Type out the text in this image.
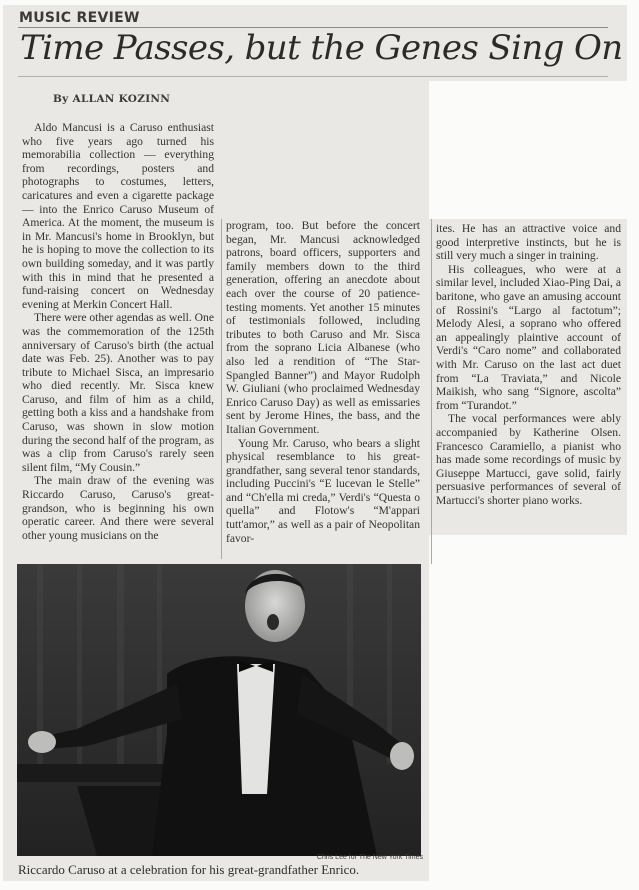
MUSIC REVIEW
Time Passes, but the Genes Sing On
By ALLAN KOZINN

Aldo Mancusi is a Caruso enthusiast who five years ago turned his memorabilia collection — everything from recordings, posters and photographs to costumes, letters, caricatures and even a cigarette package — into the Enrico Caruso Museum of America. At the moment, the museum is in Mr. Mancusi's home in Brooklyn, but he is hoping to move the collection to its own building someday, and it was partly with this in mind that he presented a fund-raising concert on Wednesday evening at Merkin Concert Hall.

There were other agendas as well. One was the commemoration of the 125th anniversary of Caruso's birth (the actual date was Feb. 25). Another was to pay tribute to Michael Sisca, an impresario who died recently. Mr. Sisca knew Caruso, and film of him as a child, getting both a kiss and a handshake from Caruso, was shown in slow motion during the second half of the program, as was a clip from Caruso's rarely seen silent film, “My Cousin.”

The main draw of the evening was Riccardo Caruso, Caruso's great-grandson, who is beginning his own operatic career. And there were several other young musicians on the

program, too. But before the concert began, Mr. Mancusi acknowledged patrons, board officers, supporters and family members down to the third generation, offering an anecdote about each over the course of 20 patience-testing moments. Yet another 15 minutes of testimonials followed, including tributes to both Caruso and Mr. Sisca from the soprano Licia Albanese (who also led a rendition of “The Star-Spangled Banner”) and Mayor Rudolph W. Giuliani (who proclaimed Wednesday Enrico Caruso Day) as well as emissaries sent by Jerome Hines, the bass, and the Italian Government.

Young Mr. Caruso, who bears a slight physical resemblance to his great-grandfather, sang several tenor standards, including Puccini's “E lucevan le Stelle” and “Ch'ella mi creda,” Verdi's “Questa o quella” and Flotow's “M'appari tutt'amor,” as well as a pair of Neopolitan favor-

ites. He has an attractive voice and good interpretive instincts, but he is still very much a singer in training.

His colleagues, who were at a similar level, included Xiao-Ping Dai, a baritone, who gave an amusing account of Rossini's “Largo al factotum”; Melody Alesi, a soprano who offered an appealingly plaintive account of Verdi's “Caro nome” and collaborated with Mr. Caruso on the last act duet from “La Traviata,” and Nicole Maikish, who sang “Signore, ascolta” from “Turandot.”

The vocal performances were ably accompanied by Katherine Olsen. Francesco Caramiello, a pianist who has made some recordings of music by Giuseppe Martucci, gave solid, fairly persuasive performances of several of Martucci's shorter piano works.

Chris Lee for The New York Times
Riccardo Caruso at a celebration for his great-grandfather Enrico.
